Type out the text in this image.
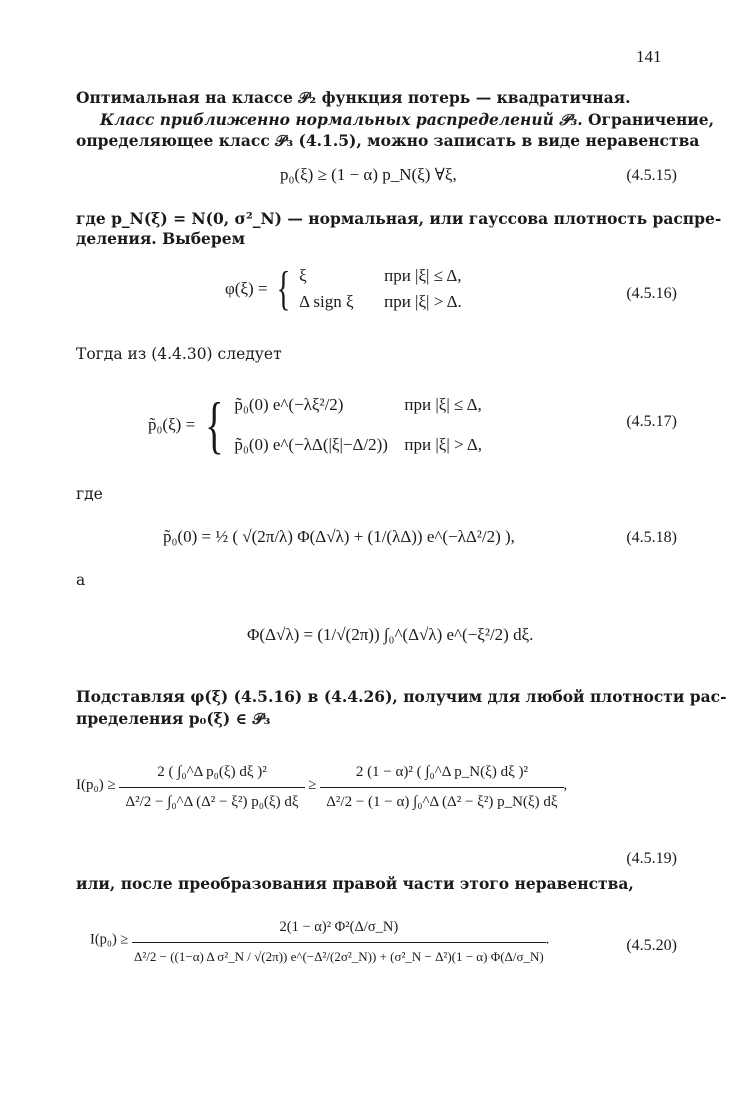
141
Оптимальная на классе 𝒫₂ функция потерь — квадратичная.
Класс приближенно нормальных распределений 𝒫₃. Ограничение,
определяющее класс 𝒫₃ (4.1.5), можно записать в виде неравенства
p₀(ξ) ≥ (1 − α) p_N(ξ) ∀ξ,	(4.5.15)
где p_N(ξ) = N(0, σ²_N) — нормальная, или гауссова плотность распре-
деления. Выберем
φ(ξ) = { ξ	при |ξ| ≤ Δ,
Δ sign ξ при |ξ| > Δ.	(4.5.16)
Тогда из (4.4.30) следует
p̃₀(ξ) = { p̃₀(0) e^(−λξ²/2)	при |ξ| ≤ Δ,
p̃₀(0) e^(−λΔ(|ξ|−Δ/2)) при |ξ| > Δ,
(4.5.17)
где
p̃₀(0) = ½ ( √(2π/λ) Φ(Δ√λ) + (1/(λΔ)) e^(−λΔ²/2) ),	(4.5.18)
а
Φ(Δ√λ) = (1/√(2π)) ∫₀^(Δ√λ) e^(−ξ²/2) dξ.
Подставляя φ(ξ) (4.5.16) в (4.4.26), получим для любой плотности рас-
пределения p₀(ξ) ∈ 𝒫₃
$I(p_0) \ge \frac{\text{2 ( ∫₀\textasciicircum{}Δ p₀(ξ) dξ )²}}{\text{Δ²/2 − ∫₀\textasciicircum{}Δ (Δ² − ξ²) p₀(ξ) dξ}} \ge \frac{\text{2 (1 − α)² ( ∫₀\textasciicircum{}Δ p\_N(ξ) dξ )²}}{\text{Δ²/2 − (1 − α) ∫₀\textasciicircum{}Δ (Δ² − ξ²) p\_N(ξ) dξ}}$ ,
(4.5.19)
или, после преобразования правой части этого неравенства,
I(p₀) ≥
2(1 − α)² Φ²(Δ/σ_N)
Δ²/2 − ((1−α) Δ σ²_N / √(2π)) e^(−Δ²/(2σ²_N)) + (σ²_N − Δ²)(1 − α) Φ(Δ/σ_N)
.	(4.5.20)
